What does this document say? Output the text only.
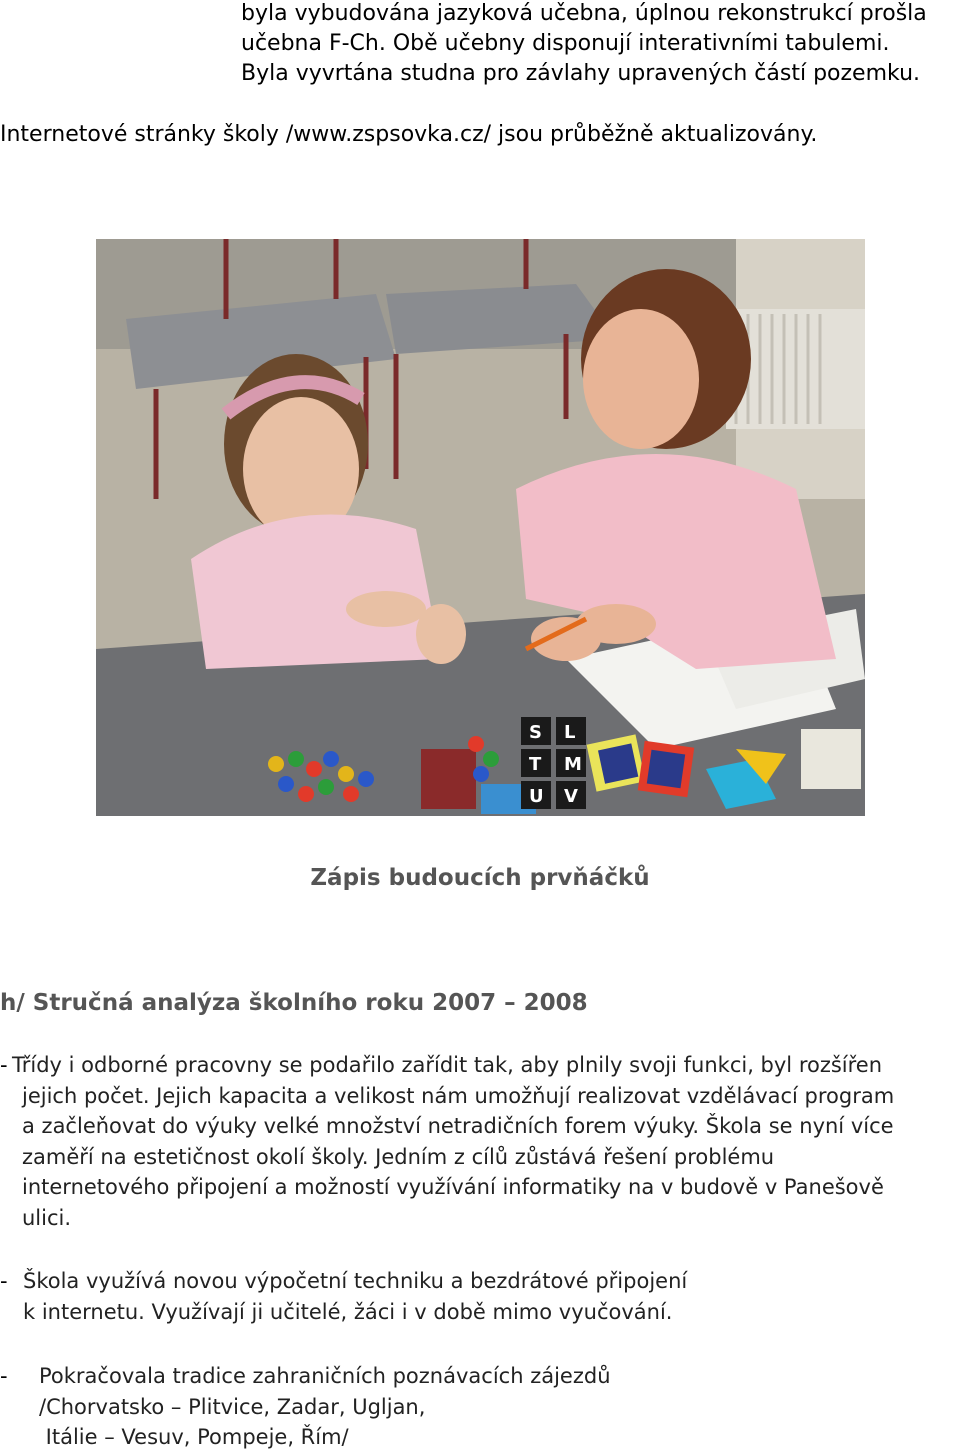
byla vybudována jazyková učebna, úplnou rekonstrukcí prošla
učebna F-Ch. Obě učebny disponují interativními tabulemi.
Byla vyvrtána studna pro závlahy upravených částí pozemku.
Internetové stránky školy /www.zspsovka.cz/ jsou průběžně aktualizovány.
S
T
U V
L
M
Zápis budoucích prvňáčků
h/ Stručná analýza školního roku 2007 – 2008
- Třídy i odborné pracovny se podařilo zařídit tak, aby plnily svoji funkci, byl rozšířen
jejich počet. Jejich kapacita a velikost nám umožňují realizovat vzdělávací program
a začleňovat do výuky velké množství netradičních forem výuky. Škola se nyní více
zaměří na estetičnost okolí školy. Jedním z cílů zůstává řešení problému
internetového připojení a možností využívání informatiky na v budově v Panešově
ulici.
- Škola využívá novou výpočetní techniku a bezdrátové připojení
k internetu. Využívají ji učitelé, žáci i v době mimo vyučování.
- Pokračovala tradice zahraničních poznávacích zájezdů
/Chorvatsko – Plitvice, Zadar, Ugljan,
Itálie – Vesuv, Pompeje, Řím/
